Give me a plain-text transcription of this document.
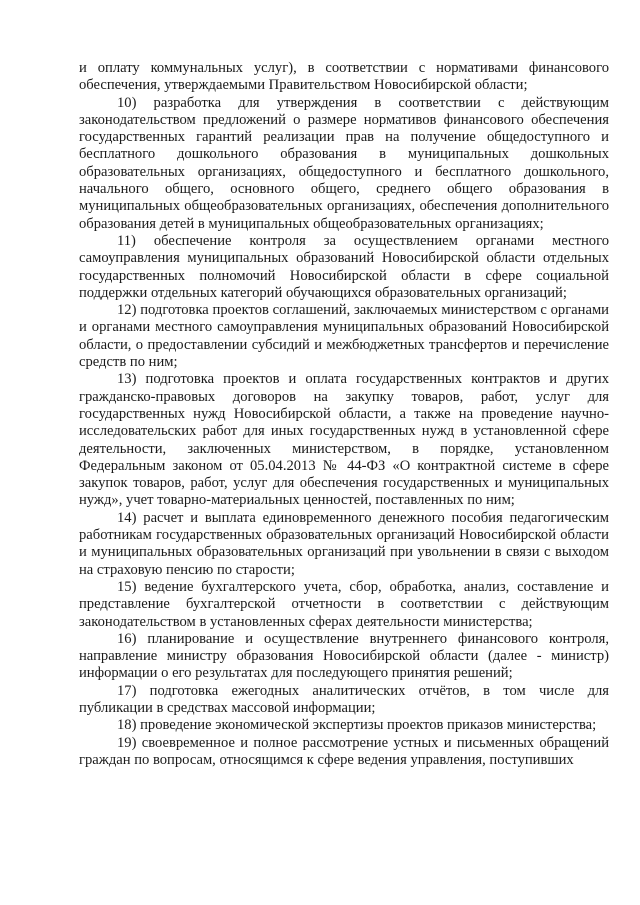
и оплату коммунальных услуг), в соответствии с нормативами финансового обеспечения, утверждаемыми Правительством Новосибирской области;

10) разработка для утверждения в соответствии с действующим законодательством предложений о размере нормативов финансового обеспечения государственных гарантий реализации прав на получение общедоступного и бесплатного дошкольного образования в муниципальных дошкольных образовательных организациях, общедоступного и бесплатного дошкольного, начального общего, основного общего, среднего общего образования в муниципальных общеобразовательных организациях, обеспечения дополнительного образования детей в муниципальных общеобразовательных организациях;

11) обеспечение контроля за осуществлением органами местного самоуправления муниципальных образований Новосибирской области отдельных государственных полномочий Новосибирской области в сфере социальной поддержки отдельных категорий обучающихся образовательных организаций;

12) подготовка проектов соглашений, заключаемых министерством с органами и органами местного самоуправления муниципальных образований Новосибирской области, о предоставлении субсидий и межбюджетных трансфертов и перечисление средств по ним;

13) подготовка проектов и оплата государственных контрактов и других гражданско-правовых договоров на закупку товаров, работ, услуг для государственных нужд Новосибирской области, а также на проведение научно-исследовательских работ для иных государственных нужд в установленной сфере деятельности, заключенных министерством, в порядке, установленном Федеральным законом от 05.04.2013 № 44-ФЗ «О контрактной системе в сфере закупок товаров, работ, услуг для обеспечения государственных и муниципальных нужд», учет товарно-материальных ценностей, поставленных по ним;

14) расчет и выплата единовременного денежного пособия педагогическим работникам государственных образовательных организаций Новосибирской области и муниципальных образовательных организаций при увольнении в связи с выходом на страховую пенсию по старости;

15) ведение бухгалтерского учета, сбор, обработка, анализ, составление и представление бухгалтерской отчетности в соответствии с действующим законодательством в установленных сферах деятельности министерства;

16) планирование и осуществление внутреннего финансового контроля, направление министру образования Новосибирской области (далее - министр) информации о его результатах для последующего принятия решений;

17) подготовка ежегодных аналитических отчётов, в том числе для публикации в средствах массовой информации;

18) проведение экономической экспертизы проектов приказов министерства;

19) своевременное и полное рассмотрение устных и письменных обращений граждан по вопросам, относящимся к сфере ведения управления, поступивших
